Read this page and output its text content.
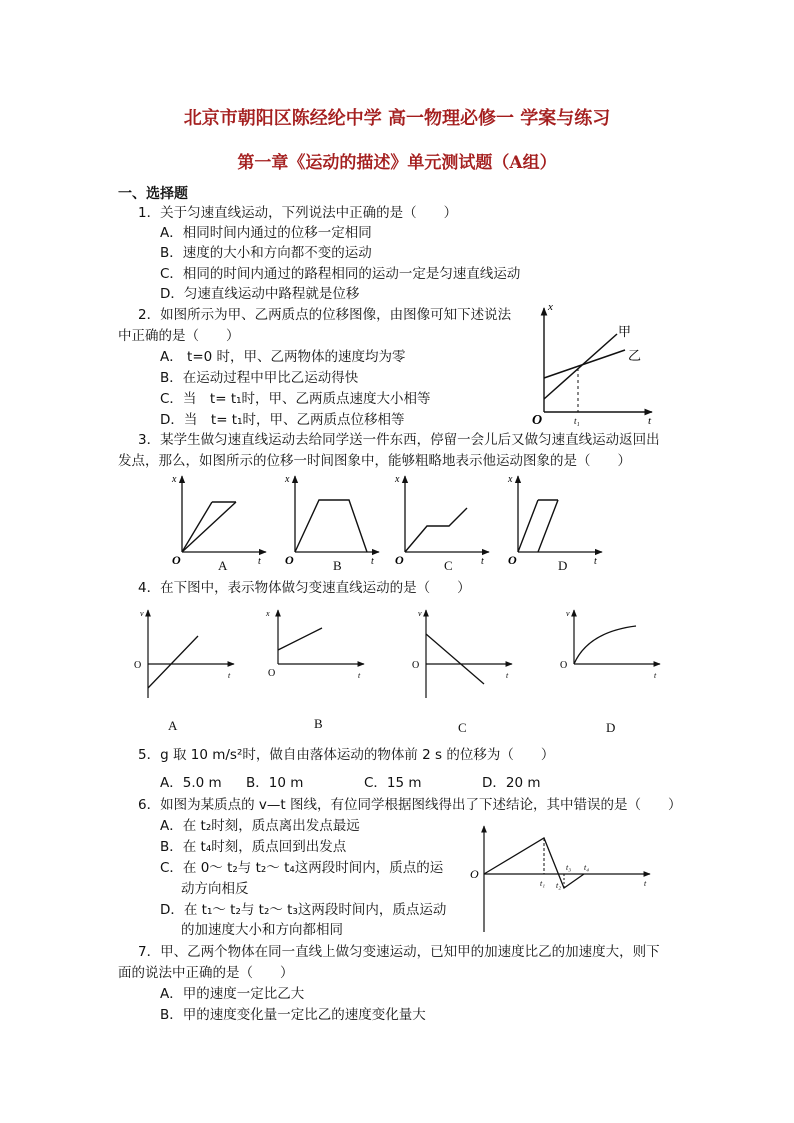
北京市朝阳区陈经纶中学 高一物理必修一 学案与练习
第一章《运动的描述》单元测试题（A组）
一、选择题
1．关于匀速直线运动，下列说法中正确的是（　　）
A．相同时间内通过的位移一定相同
B．速度的大小和方向都不变的运动
C．相同的时间内通过的路程相同的运动一定是匀速直线运动
D．匀速直线运动中路程就是位移
2．如图所示为甲、乙两质点的位移图像，由图像可知下述说法
中正确的是（　　）
A． t=0 时，甲、乙两物体的速度均为零
B．在运动过程中甲比乙运动得快
C．当　t= t₁时，甲、乙两质点速度大小相等
D．当　t= t₁时，甲、乙两质点位移相等
x
t
O	t₁
甲
乙
3．某学生做匀速直线运动去给同学送一件东西，停留一会儿后又做匀速直线运动返回出
发点，那么，如图所示的位移一时间图象中，能够粗略地表示他运动图象的是（　　）
x
t
O	A
x
t
O	B
x
t
O	C
x
t
O	D
4．在下图中，表示物体做匀变速直线运动的是（　　）
v
t
O
A
x
t
O
B
v
t
O
C
v
t
O
D
5．g 取 10 m/s²时，做自由落体运动的物体前 2 s 的位移为（　　）
A．5.0 m B．10 m	C．15 m	D．20 m
6．如图为某质点的 v—t 图线，有位同学根据图线得出了下述结论，其中错误的是（　　）
A．在 t₂时刻，质点离出发点最远
B．在 t₄时刻，质点回到出发点
C．在 0～ t₂与 t₂～ t₄这两段时间内，质点的运
动方向相反
D．在 t₁～ t₂与 t₂～ t₃这两段时间内，质点运动
的加速度大小和方向都相同
O
t
t₁ t₂
t₃ t₄
7．甲、乙两个物体在同一直线上做匀变速运动，已知甲的加速度比乙的加速度大，则下
面的说法中正确的是（　　）
A．甲的速度一定比乙大
B．甲的速度变化量一定比乙的速度变化量大
